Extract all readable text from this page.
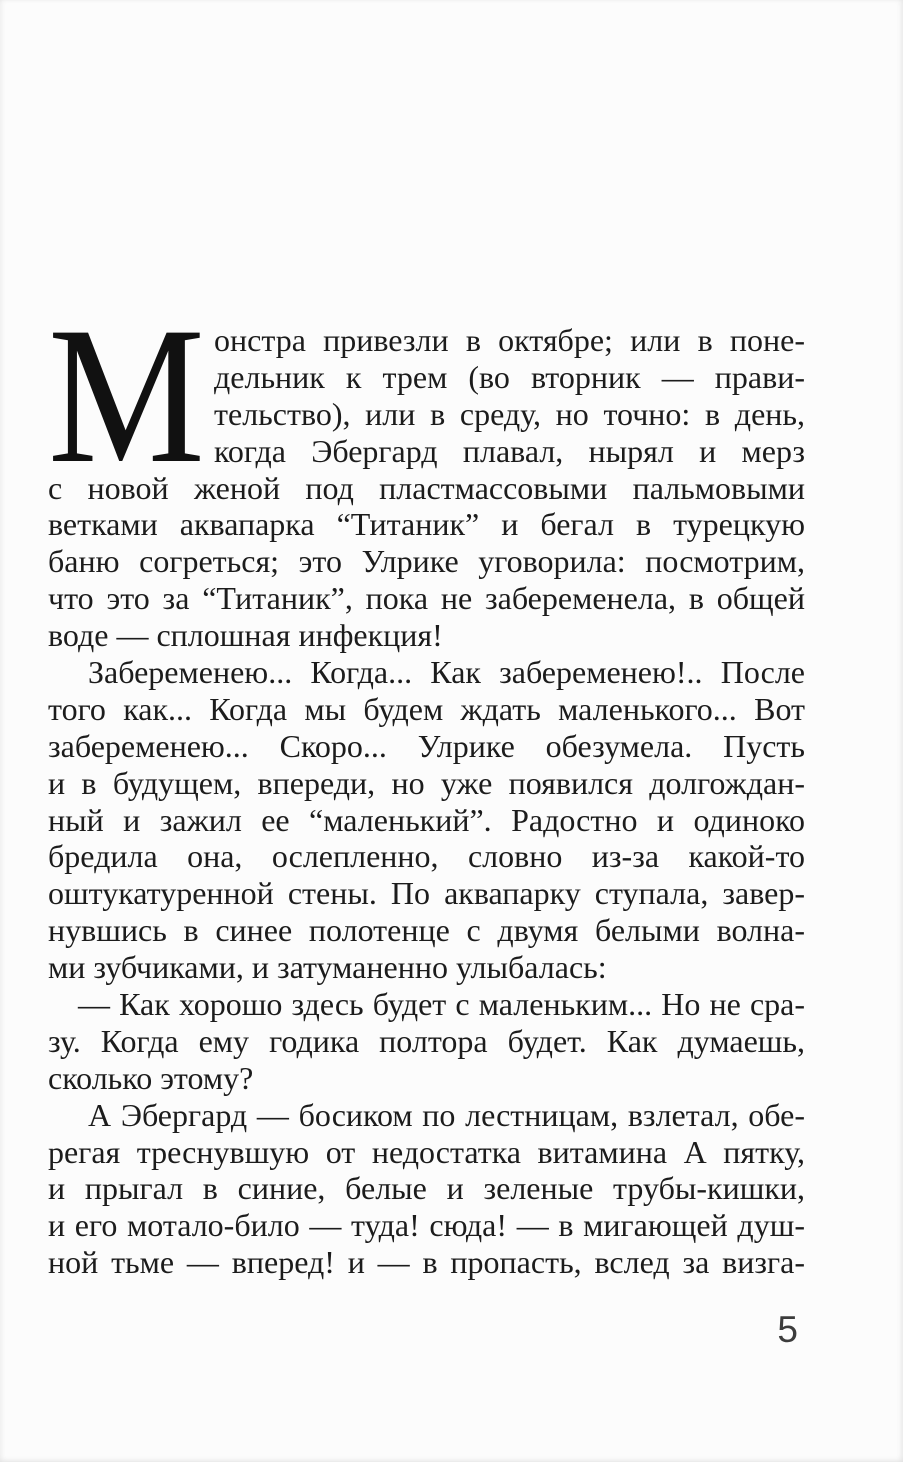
М онстра привезли в октябре; или в поне-
дельник к трем (во вторник — прави-
тельство), или в среду, но точно: в день,
когда Эбергард плавал, нырял и мерз
с новой женой под пластмассовыми пальмовыми
ветками аквапарка “Титаник” и бегал в турецкую
баню согреться; это Улрике уговорила: посмотрим,
что это за “Титаник”, пока не забеременела, в общей
воде — сплошная инфекция!
Забеременею... Когда... Как забеременею!.. После
того как... Когда мы будем ждать маленького... Вот
забеременею... Скоро... Улрике обезумела. Пусть
и в будущем, впереди, но уже появился долгождан-
ный и зажил ее “маленький”. Радостно и одиноко
бредила она, ослепленно, словно из-за какой-то
оштукатуренной стены. По аквапарку ступала, завер-
нувшись в синее полотенце с двумя белыми волна-
ми зубчиками, и затуманенно улыбалась:
— Как хорошо здесь будет с маленьким... Но не сра-
зу. Когда ему годика полтора будет. Как думаешь,
сколько этому?
А Эбергард — босиком по лестницам, взлетал, обе-
регая треснувшую от недостатка витамина А пятку,
и прыгал в синие, белые и зеленые трубы-кишки,
и его мотало-било — туда! сюда! — в мигающей душ-
ной тьме — вперед! и — в пропасть, вслед за визга-
5
